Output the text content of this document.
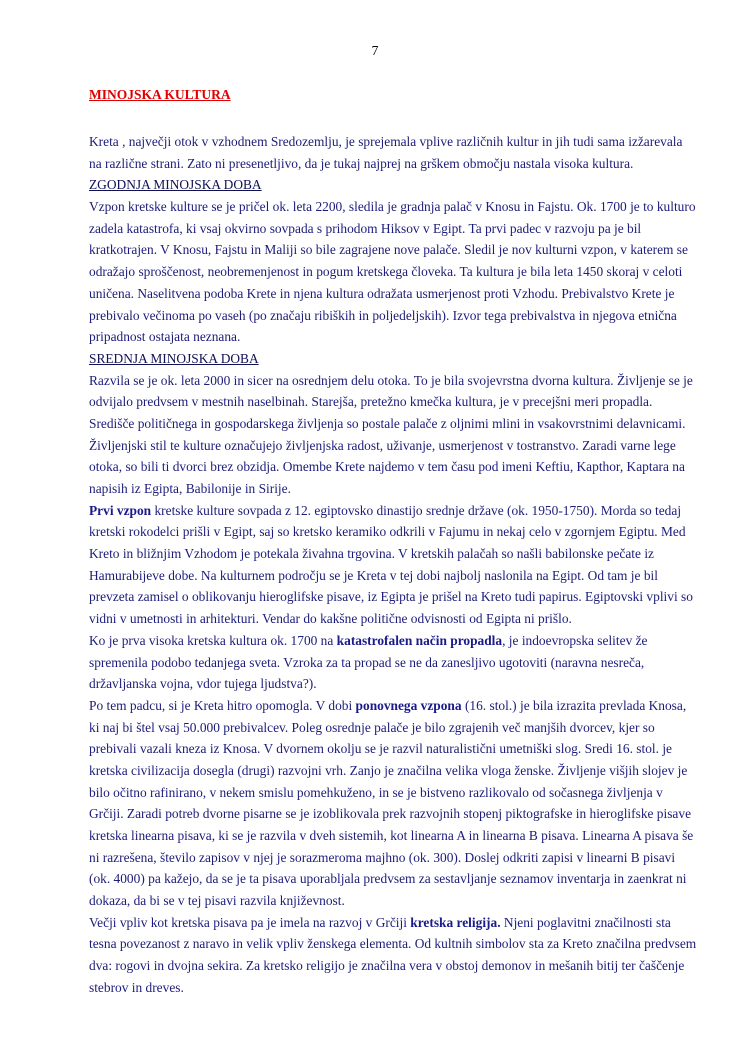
7
MINOJSKA KULTURA
Kreta , največji otok v vzhodnem Sredozemlju, je sprejemala vplive različnih kultur in jih tudi sama izžarevala
na različne strani. Zato ni presenetljivo, da je tukaj najprej na grškem območju nastala visoka kultura.
ZGODNJA MINOJSKA DOBA
Vzpon kretske kulture se je pričel ok. leta 2200, sledila je gradnja palač v Knosu in Fajstu. Ok. 1700 je to kulturo
zadela katastrofa, ki vsaj okvirno sovpada s prihodom Hiksov v Egipt. Ta prvi padec v razvoju pa je bil
kratkotrajen. V Knosu, Fajstu in Maliji so bile zagrajene nove palače. Sledil je nov kulturni vzpon, v katerem se
odražajo sproščenost, neobremenjenost in pogum kretskega človeka. Ta kultura je bila leta 1450 skoraj v celoti
uničena. Naselitvena podoba Krete in njena kultura odražata usmerjenost proti Vzhodu. Prebivalstvo Krete je
prebivalo večinoma po vaseh (po značaju ribiških in poljedeljskih). Izvor tega prebivalstva in njegova etnična
pripadnost ostajata neznana.
SREDNJA MINOJSKA DOBA
Razvila se je ok. leta 2000 in sicer na osrednjem delu otoka. To je bila svojevrstna dvorna kultura. Življenje se je
odvijalo predvsem v mestnih naselbinah. Starejša, pretežno kmečka kultura, je v precejšni meri propadla.
Središče političnega in gospodarskega življenja so postale palače z oljnimi mlini in vsakovrstnimi delavnicami.
Življenjski stil te kulture označujejo življenjska radost, uživanje, usmerjenost v tostranstvo. Zaradi varne lege
otoka, so bili ti dvorci brez obzidja. Omembe Krete najdemo v tem času pod imeni Keftiu, Kapthor, Kaptara na
napisih iz Egipta, Babilonije in Sirije.
Prvi vzpon kretske kulture sovpada z 12. egiptovsko dinastijo srednje države (ok. 1950-1750). Morda so tedaj
kretski rokodelci prišli v Egipt, saj so kretsko keramiko odkrili v Fajumu in nekaj celo v zgornjem Egiptu. Med
Kreto in bližnjim Vzhodom je potekala živahna trgovina. V kretskih palačah so našli babilonske pečate iz
Hamurabijeve dobe. Na kulturnem področju se je Kreta v tej dobi najbolj naslonila na Egipt. Od tam je bil
prevzeta zamisel o oblikovanju hieroglifske pisave, iz Egipta je prišel na Kreto tudi papirus. Egiptovski vplivi so
vidni v umetnosti in arhitekturi. Vendar do kakšne politične odvisnosti od Egipta ni prišlo.
Ko je prva visoka kretska kultura ok. 1700 na katastrofalen način propadla, je indoevropska selitev že
spremenila podobo tedanjega sveta. Vzroka za ta propad se ne da zanesljivo ugotoviti (naravna nesreča,
državljanska vojna, vdor tujega ljudstva?).
Po tem padcu, si je Kreta hitro opomogla. V dobi ponovnega vzpona (16. stol.) je bila izrazita prevlada Knosa,
ki naj bi štel vsaj 50.000 prebivalcev. Poleg osrednje palače je bilo zgrajenih več manjših dvorcev, kjer so
prebivali vazali kneza iz Knosa. V dvornem okolju se je razvil naturalistični umetniški slog. Sredi 16. stol. je
kretska civilizacija dosegla (drugi) razvojni vrh. Zanjo je značilna velika vloga ženske. Življenje višjih slojev je
bilo očitno rafinirano, v nekem smislu pomehkuženo, in se je bistveno razlikovalo od sočasnega življenja v
Grčiji. Zaradi potreb dvorne pisarne se je izoblikovala prek razvojnih stopenj piktografske in hieroglifske pisave
kretska linearna pisava, ki se je razvila v dveh sistemih, kot linearna A in linearna B pisava. Linearna A pisava še
ni razrešena, število zapisov v njej je sorazmeroma majhno (ok. 300). Doslej odkriti zapisi v linearni B pisavi
(ok. 4000) pa kažejo, da se je ta pisava uporabljala predvsem za sestavljanje seznamov inventarja in zaenkrat ni
dokaza, da bi se v tej pisavi razvila književnost.
Večji vpliv kot kretska pisava pa je imela na razvoj v Grčiji kretska religija. Njeni poglavitni značilnosti sta
tesna povezanost z naravo in velik vpliv ženskega elementa. Od kultnih simbolov sta za Kreto značilna predvsem
dva: rogovi in dvojna sekira. Za kretsko religijo je značilna vera v obstoj demonov in mešanih bitij ter čaščenje
stebrov in dreves.
